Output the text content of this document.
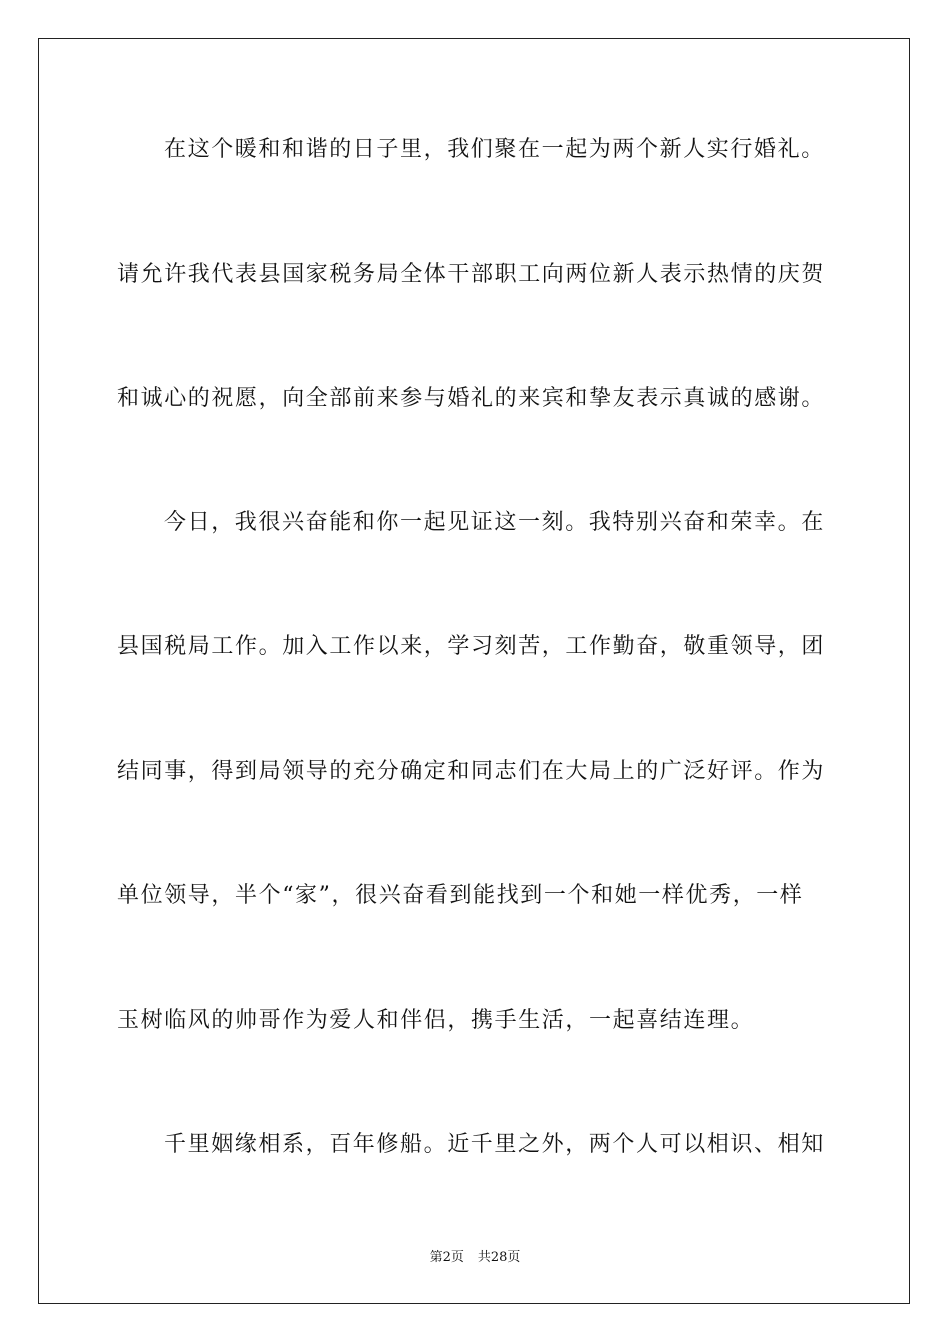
在这个暖和和谐的日子里，我们聚在一起为两个新人实行婚礼。
请允许我代表县国家税务局全体干部职工向两位新人表示热情的庆贺
和诚心的祝愿，向全部前来参与婚礼的来宾和挚友表示真诚的感谢。
今日，我很兴奋能和你一起见证这一刻。我特别兴奋和荣幸。在
县国税局工作。加入工作以来，学习刻苦，工作勤奋，敬重领导，团
结同事，得到局领导的充分确定和同志们在大局上的广泛好评。作为
单位领导，半个“家”，很兴奋看到能找到一个和她一样优秀，一样
玉树临风的帅哥作为爱人和伴侣，携手生活，一起喜结连理。
千里姻缘相系，百年修船。近千里之外，两个人可以相识、相知
第2页 共28页
